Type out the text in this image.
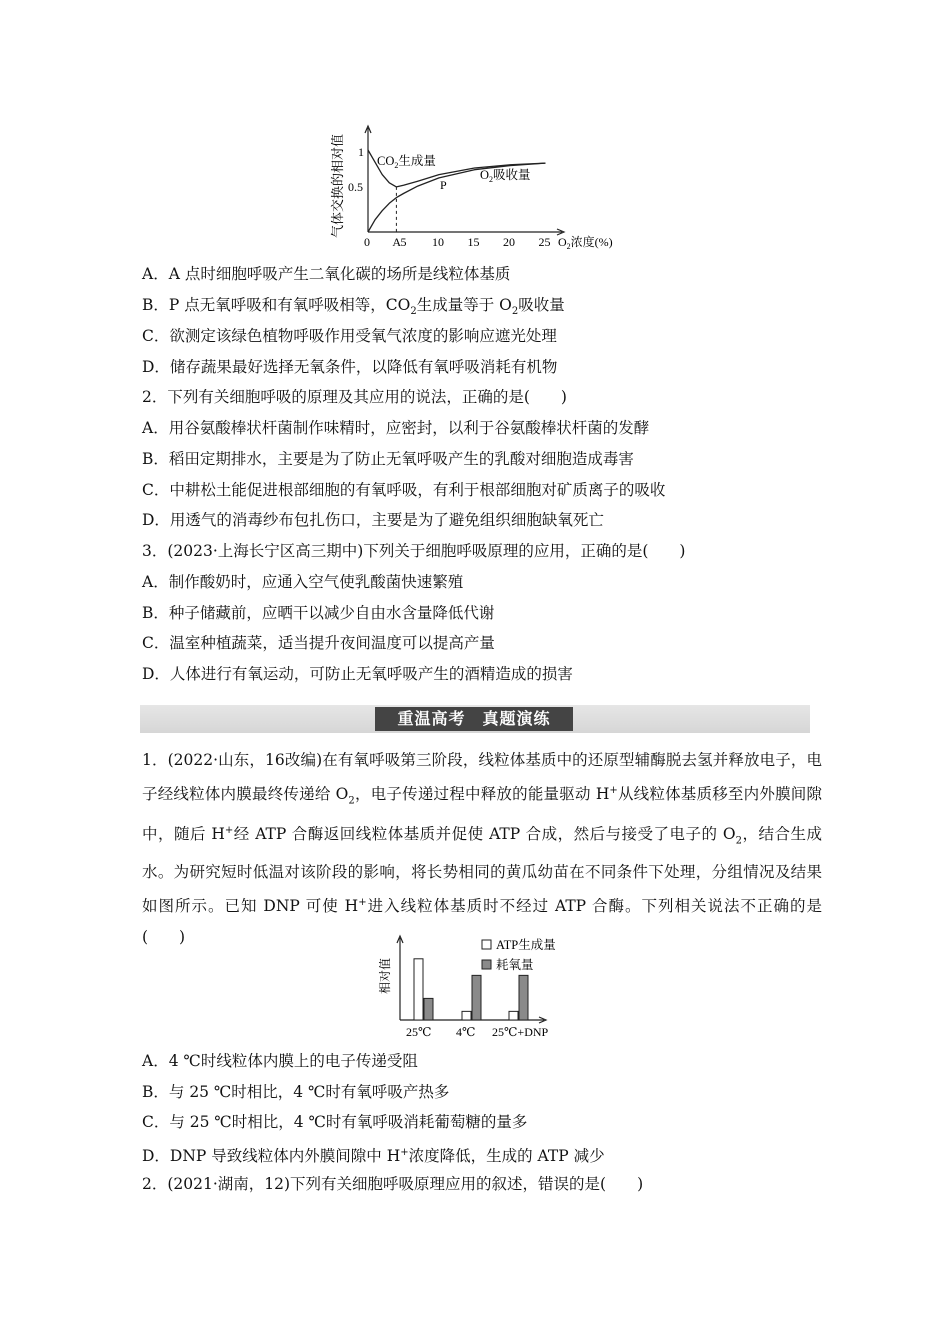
气体交换的相对值 1
0.5
0 A 5 10 15 20 25 $O_2$浓度(%)
$CO_2$生成量
$O_2$吸收量
P
A．A 点时细胞呼吸产生二氧化碳的场所是线粒体基质
B．P 点无氧呼吸和有氧呼吸相等，$CO_2$生成量等于 $O_2$吸收量
C．欲测定该绿色植物呼吸作用受氧气浓度的影响应遮光处理
D．储存蔬果最好选择无氧条件，以降低有氧呼吸消耗有机物
2．下列有关细胞呼吸的原理及其应用的说法，正确的是(　　)
A．用谷氨酸棒状杆菌制作味精时，应密封，以利于谷氨酸棒状杆菌的发酵
B．稻田定期排水，主要是为了防止无氧呼吸产生的乳酸对细胞造成毒害
C．中耕松土能促进根部细胞的有氧呼吸，有利于根部细胞对矿质离子的吸收
D．用透气的消毒纱布包扎伤口，主要是为了避免组织细胞缺氧死亡
3．(2023·上海长宁区高三期中)下列关于细胞呼吸原理的应用，正确的是(　　)
A．制作酸奶时，应通入空气使乳酸菌快速繁殖
B．种子储藏前，应晒干以减少自由水含量降低代谢
C．温室种植蔬菜，适当提升夜间温度可以提高产量
D．人体进行有氧运动，可防止无氧呼吸产生的酒精造成的损害
重温高考　真题演练
1．(2022·山东，16改编)在有氧呼吸第三阶段，线粒体基质中的还原型辅酶脱去氢并释放电子，电子经线粒体内膜最终传递给 $O_2$，电子传递过程中释放的能量驱动 H+从线粒体基质移至内外膜间隙中，随后 H+经 ATP 合酶返回线粒体基质并促使 ATP 合成，然后与接受了电子的 $O_2$，结合生成水。为研究短时低温对该阶段的影响，将长势相同的黄瓜幼苗在不同条件下处理，分组情况及结果如图所示。已知 DNP 可使 H+进入线粒体基质时不经过 ATP 合酶。下列相关说法不正确的是(　　)
相对值
ATP生成量
耗氧量
25℃ 4℃ 25℃+DNP
A．4 ℃时线粒体内膜上的电子传递受阻
B．与 25 ℃时相比，4 ℃时有氧呼吸产热多
C．与 25 ℃时相比，4 ℃时有氧呼吸消耗葡萄糖的量多
D．DNP 导致线粒体内外膜间隙中 H+浓度降低，生成的 ATP 减少
2．(2021·湖南，12)下列有关细胞呼吸原理应用的叙述，错误的是(　　)
